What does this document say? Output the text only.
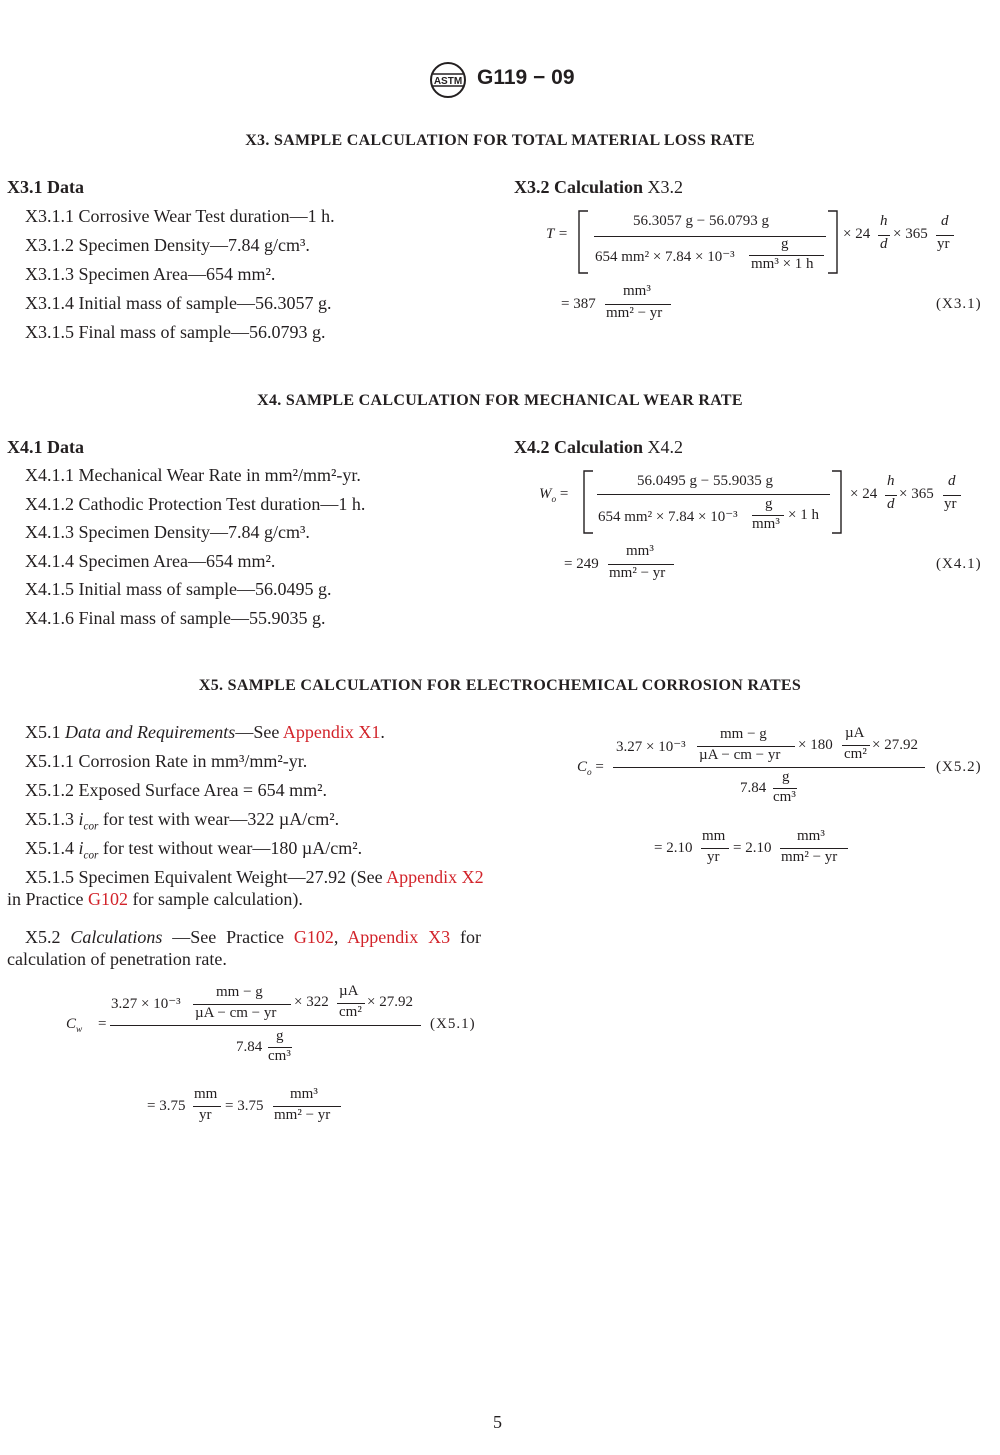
ASTM G119 − 09
X3. SAMPLE CALCULATION FOR TOTAL MATERIAL LOSS RATE
X3.1 Data
X3.1.1 Corrosive Wear Test duration—1 h.
X3.1.2 Specimen Density—7.84 g/cm³.
X3.1.3 Specimen Area—654 mm².
X3.1.4 Initial mass of sample—56.3057 g.
X3.1.5 Final mass of sample—56.0793 g.
X3.2 Calculation X3.2
T =
56.3057 g − 56.0793 g
654 mm² × 7.84 × 10⁻³
g
mm³ × 1 h
× 24
h
d
× 365
d
yr
= 387
mm³
mm² − yr
(X3.1)
X4. SAMPLE CALCULATION FOR MECHANICAL WEAR RATE
X4.1 Data
X4.1.1 Mechanical Wear Rate in mm²/mm²-yr.
X4.1.2 Cathodic Protection Test duration—1 h.
X4.1.3 Specimen Density—7.84 g/cm³.
X4.1.4 Specimen Area—654 mm².
X4.1.5 Initial mass of sample—56.0495 g.
X4.1.6 Final mass of sample—55.9035 g.
X4.2 Calculation X4.2
$W_o$ =
56.0495 g − 55.9035 g
654 mm² × 7.84 × 10⁻³
g
mm³
× 1 h
× 24
h
d
× 365
d
yr
= 249
mm³
mm² − yr
(X4.1)
X5. SAMPLE CALCULATION FOR ELECTROCHEMICAL CORROSION RATES
X5.1 Data and Requirements—See Appendix X1.
X5.1.1 Corrosion Rate in mm³/mm²-yr.
X5.1.2 Exposed Surface Area = 654 mm².
X5.1.3 $i_{cor}$ for test with wear—322 µA/cm².
X5.1.4 $i_{cor}$ for test without wear—180 µA/cm².
X5.1.5 Specimen Equivalent Weight—27.92 (See Appendix X2
in Practice G102 for sample calculation).
X5.2 Calculations —See Practice G102, Appendix X3 for calculation of penetration rate.
3.27 × 10⁻³
mm − g
µA − cm − yr
× 322
µA
cm²
× 27.92
$C_w$ =	(X5.1)
7.84
g
cm³
= 3.75
mm
yr
= 3.75
mm³
mm² − yr
3.27 × 10⁻³
mm − g
µA − cm − yr
× 180
µA
cm²
× 27.92
$C_o$ =	(X5.2)
7.84
g
cm³
= 2.10
mm
yr
= 2.10
mm³
mm² − yr
5
